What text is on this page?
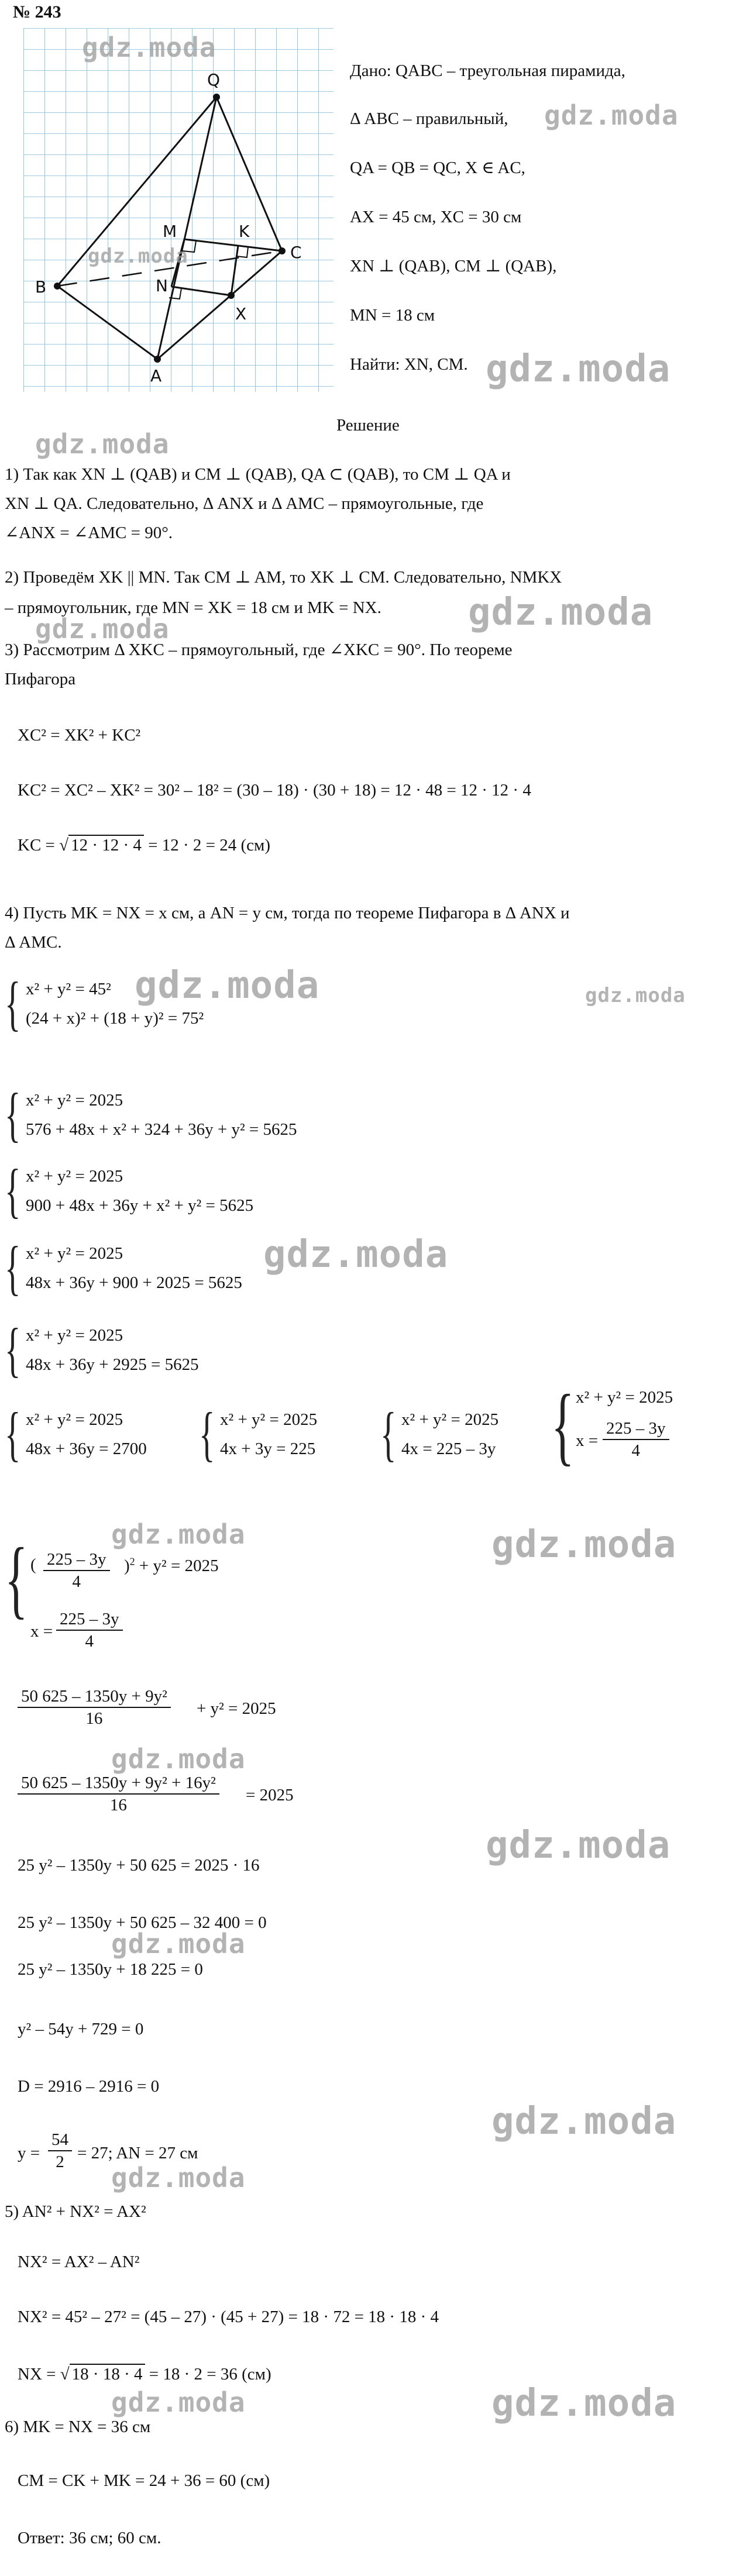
№ 243
Q
M	K
C
N
B
X
A
Дано: QABC – треугольная пирамида,
Δ ABC – правильный,
QA = QB = QC, X ∈ AC,
AX = 45 см, XC = 30 см
XN ⊥ (QAB), CM ⊥ (QAB),
MN = 18 см
Найти: XN, CM.
Решение
1) Так как XN ⊥ (QAB) и CM ⊥ (QAB), QA ⊂ (QAB), то CM ⊥ QA и
XN ⊥ QA. Следовательно, Δ ANX и Δ AMC – прямоугольные, где
∠ANX = ∠AMC = 90°.
2) Проведём XK || MN. Так CM ⊥ AM, то XK ⊥ CM. Следовательно, NMKX
– прямоугольник, где MN = XK = 18 см и MK = NX.
3) Рассмотрим Δ XKC – прямоугольный, где ∠XKC = 90°. По теореме
Пифагора
XC² = XK² + KC²
KC² = XC² – XK² = 30² – 18² = (30 – 18) · (30 + 18) = 12 · 48 = 12 · 12 · 4
KC = √ 12 · 12 · 4 = 12 · 2 = 24 (см)
4) Пусть MK = NX = x см, а AN = y см, тогда по теореме Пифагора в Δ ANX и
Δ AMC.
{ x² + y² = 45²
(24 + x)² + (18 + y)² = 75²
{ x² + y² = 2025
576 + 48x + x² + 324 + 36y + y² = 5625
{ x² + y² = 2025
900 + 48x + 36y + x² + y² = 5625
{ x² + y² = 2025
48x + 36y + 900 + 2025 = 5625
{ x² + y² = 2025
48x + 36y + 2925 = 5625
{ x² + y² = 2025
48x + 36y = 2700 { x² + y² = 2025
4x + 3y = 225 { x² + y² = 2025
4x = 225 – 3y { x² + y² = 2025
$x = \frac{225 - 3y}{4}$
{ ( $\frac{225 - 3y}{4} )^2 + y^2 = 2025$
$x = \frac{225 - 3y}{4}$
$\frac{\text{50 625 – 1350y + 9y²}}{16} + y^2 = 2025$
$\frac{\text{50 625 – 1350y + 9y² + 16y²}}{16} = 2025$
25 y² – 1350y + 50 625 = 2025 · 16
25 y² – 1350y + 50 625 – 32 400 = 0
25 y² – 1350y + 18 225 = 0
y² – 54y + 729 = 0
D = 2916 – 2916 = 0
$y = \frac{54}{2} = 27$; AN = 27 см
5) AN² + NX² = AX²
NX² = AX² – AN²
NX² = 45² – 27² = (45 – 27) · (45 + 27) = 18 · 72 = 18 · 18 · 4
NX = √ 18 · 18 · 4 = 18 · 2 = 36 (см)
6) MK = NX = 36 см
CM = CK + MK = 24 + 36 = 60 (см)
Ответ: 36 см; 60 см.
gdz.moda
gdz.moda
gdz.moda
gdz.moda
gdz.moda
gdz.moda	gdz.moda
gdz.moda	gdz.moda
gdz.moda
gdz.moda	gdz.moda
gdz.moda
gdz.moda
gdz.moda
gdz.moda
gdz.moda
gdz.moda
gdz.moda
